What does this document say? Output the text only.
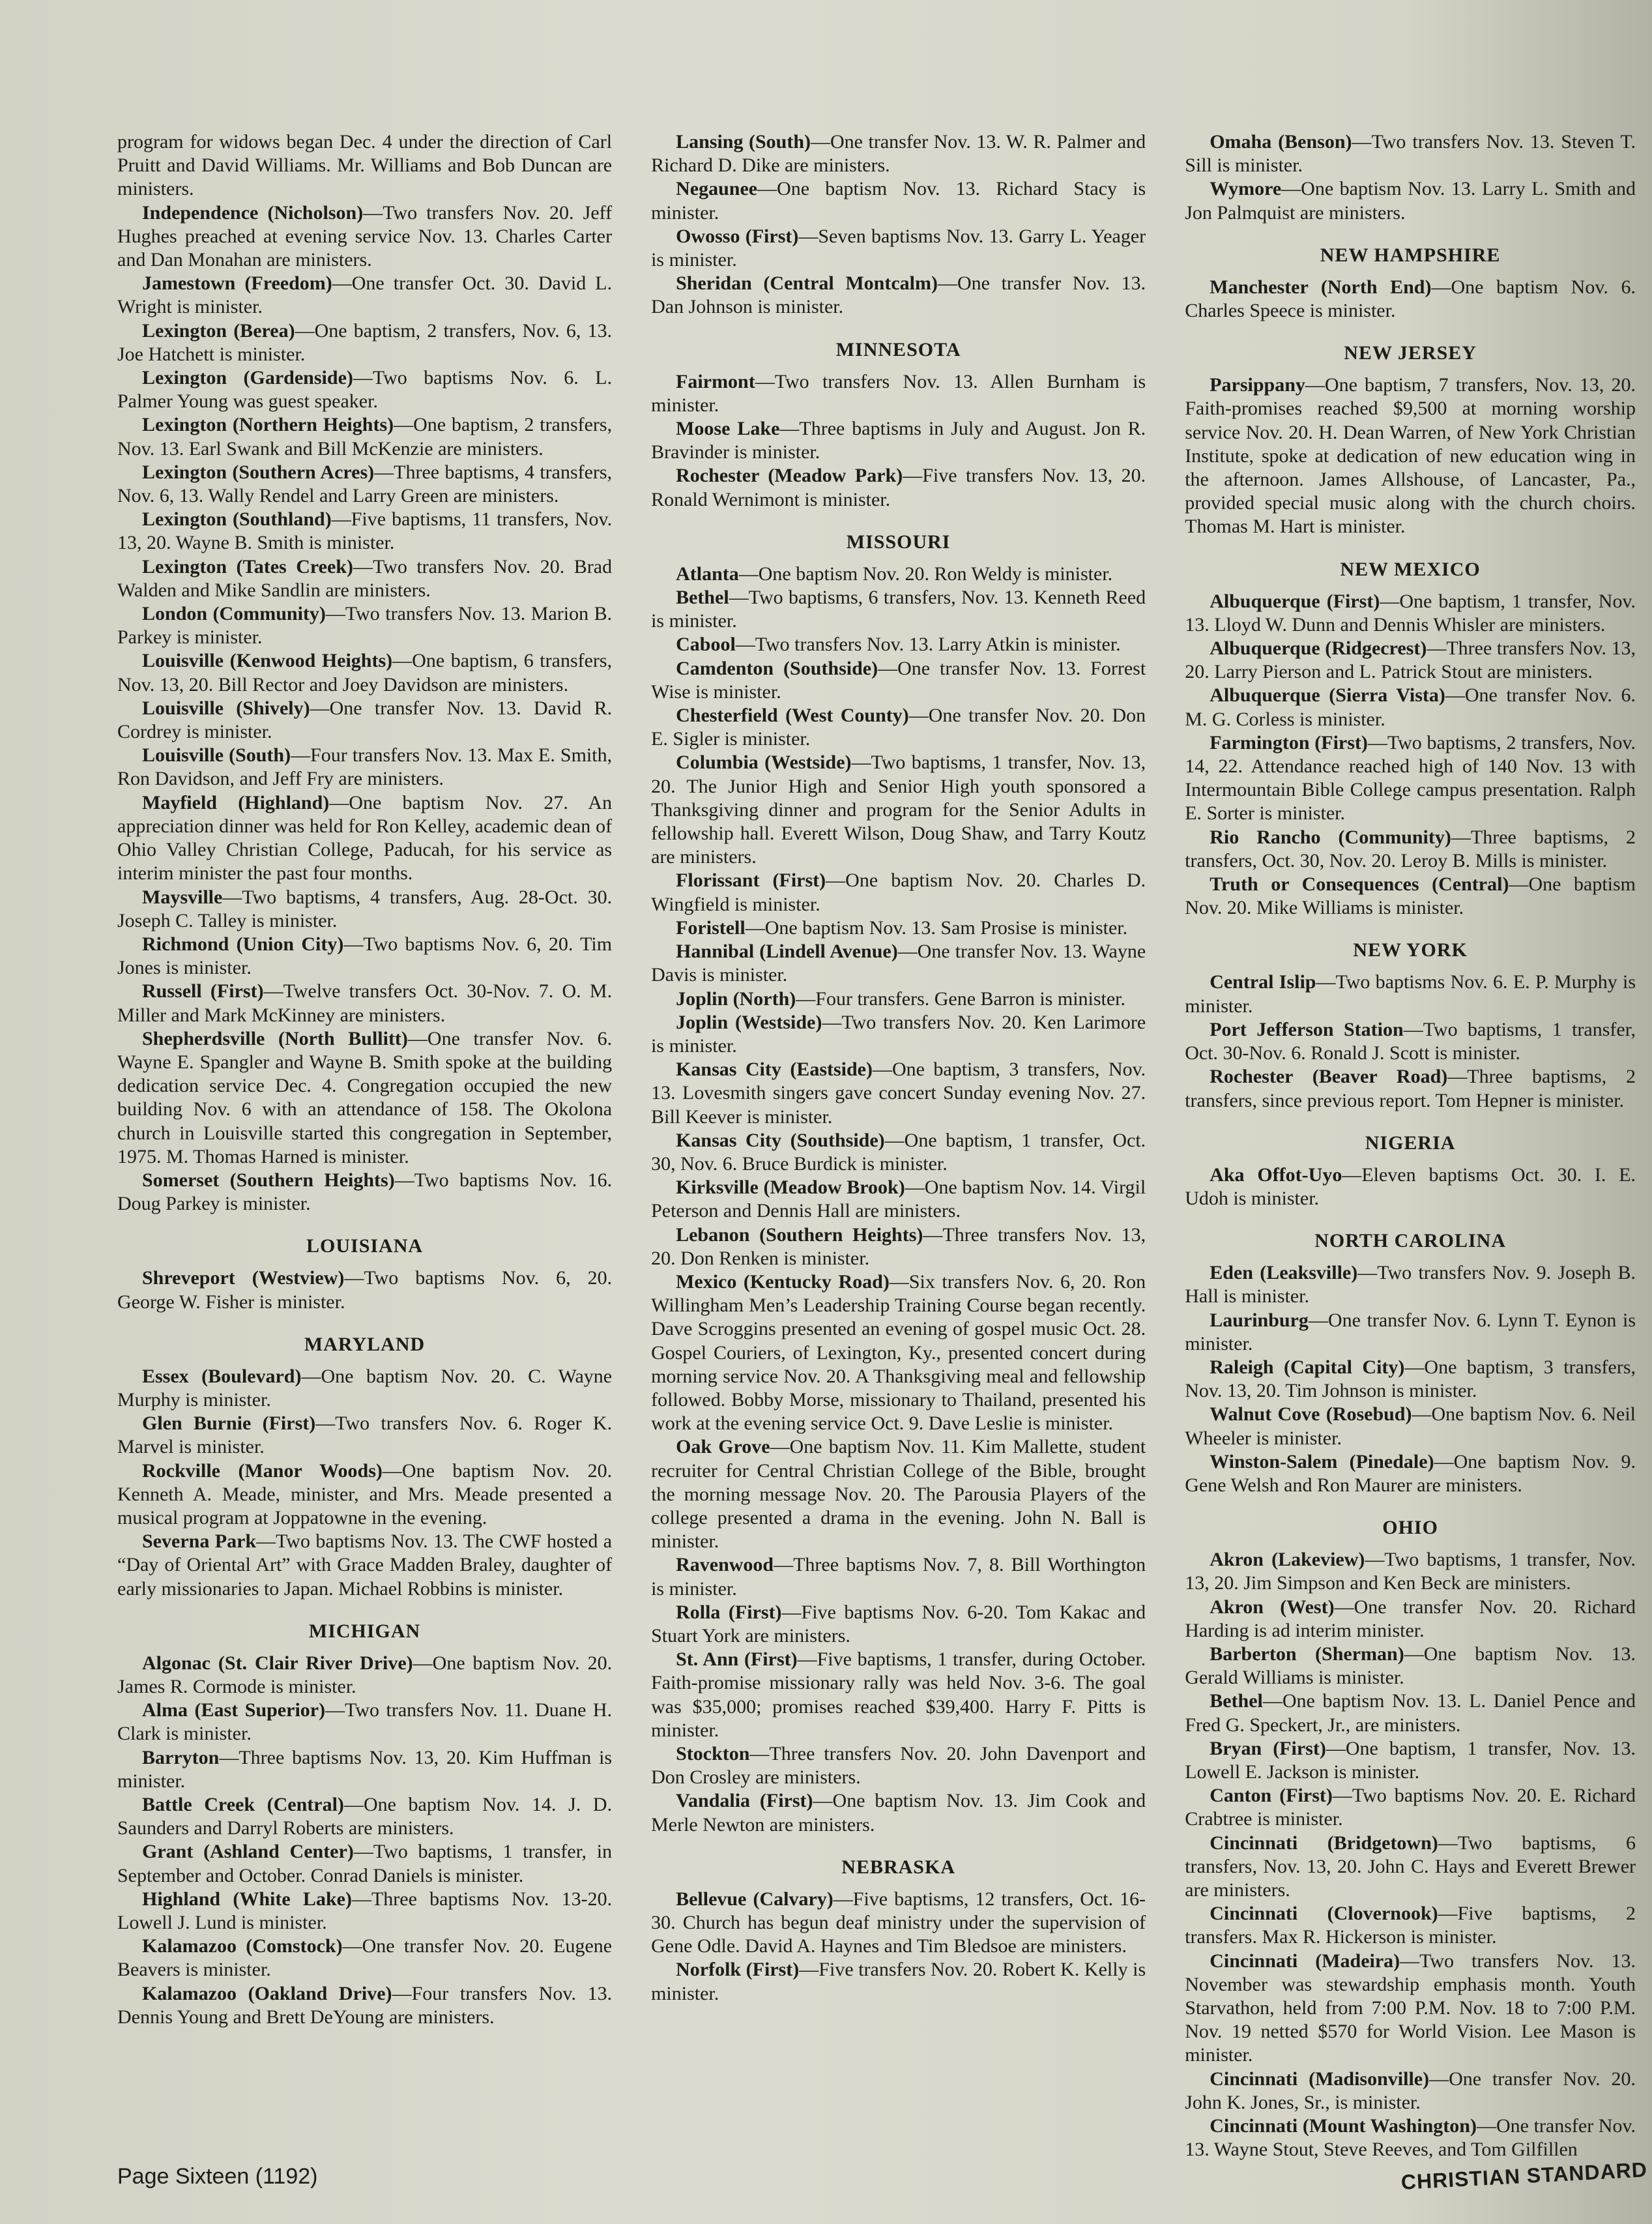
program for widows began Dec. 4 under the direction of Carl Pruitt and David Williams. Mr. Williams and Bob Duncan are ministers.

Independence (Nicholson)—Two transfers Nov. 20. Jeff Hughes preached at evening service Nov. 13. Charles Carter and Dan Monahan are ministers.

Jamestown (Freedom)—One transfer Oct. 30. David L. Wright is minister.

Lexington (Berea)—One baptism, 2 transfers, Nov. 6, 13. Joe Hatchett is minister.

Lexington (Gardenside)—Two baptisms Nov. 6. L. Palmer Young was guest speaker.

Lexington (Northern Heights)—One baptism, 2 transfers, Nov. 13. Earl Swank and Bill McKenzie are ministers.

Lexington (Southern Acres)—Three baptisms, 4 transfers, Nov. 6, 13. Wally Rendel and Larry Green are ministers.

Lexington (Southland)—Five baptisms, 11 transfers, Nov. 13, 20. Wayne B. Smith is minister.

Lexington (Tates Creek)—Two transfers Nov. 20. Brad Walden and Mike Sandlin are ministers.

London (Community)—Two transfers Nov. 13. Marion B. Parkey is minister.

Louisville (Kenwood Heights)—One baptism, 6 transfers, Nov. 13, 20. Bill Rector and Joey Davidson are ministers.

Louisville (Shively)—One transfer Nov. 13. David R. Cordrey is minister.

Louisville (South)—Four transfers Nov. 13. Max E. Smith, Ron Davidson, and Jeff Fry are ministers.

Mayfield (Highland)—One baptism Nov. 27. An appreciation dinner was held for Ron Kelley, academic dean of Ohio Valley Christian College, Paducah, for his service as interim minister the past four months.

Maysville—Two baptisms, 4 transfers, Aug. 28-Oct. 30. Joseph C. Talley is minister.

Richmond (Union City)—Two baptisms Nov. 6, 20. Tim Jones is minister.

Russell (First)—Twelve transfers Oct. 30-Nov. 7. O. M. Miller and Mark McKinney are ministers.

Shepherdsville (North Bullitt)—One transfer Nov. 6. Wayne E. Spangler and Wayne B. Smith spoke at the building dedication service Dec. 4. Congregation occupied the new building Nov. 6 with an attendance of 158. The Okolona church in Louisville started this congregation in September, 1975. M. Thomas Harned is minister.

Somerset (Southern Heights)—Two baptisms Nov. 16. Doug Parkey is minister.

LOUISIANA

Shreveport (Westview)—Two baptisms Nov. 6, 20. George W. Fisher is minister.

MARYLAND

Essex (Boulevard)—One baptism Nov. 20. C. Wayne Murphy is minister.

Glen Burnie (First)—Two transfers Nov. 6. Roger K. Marvel is minister.

Rockville (Manor Woods)—One baptism Nov. 20. Kenneth A. Meade, minister, and Mrs. Meade presented a musical program at Joppatowne in the evening.

Severna Park—Two baptisms Nov. 13. The CWF hosted a “Day of Oriental Art” with Grace Madden Braley, daughter of early missionaries to Japan. Michael Robbins is minister.

MICHIGAN

Algonac (St. Clair River Drive)—One baptism Nov. 20. James R. Cormode is minister.

Alma (East Superior)—Two transfers Nov. 11. Duane H. Clark is minister.

Barryton—Three baptisms Nov. 13, 20. Kim Huffman is minister.

Battle Creek (Central)—One baptism Nov. 14. J. D. Saunders and Darryl Roberts are ministers.

Grant (Ashland Center)—Two baptisms, 1 transfer, in September and October. Conrad Daniels is minister.

Highland (White Lake)—Three baptisms Nov. 13-20. Lowell J. Lund is minister.

Kalamazoo (Comstock)—One transfer Nov. 20. Eugene Beavers is minister.

Kalamazoo (Oakland Drive)—Four transfers Nov. 13. Dennis Young and Brett DeYoung are ministers.

Lansing (South)—One transfer Nov. 13. W. R. Palmer and Richard D. Dike are ministers.

Negaunee—One baptism Nov. 13. Richard Stacy is minister.

Owosso (First)—Seven baptisms Nov. 13. Garry L. Yeager is minister.

Sheridan (Central Montcalm)—One transfer Nov. 13. Dan Johnson is minister.

MINNESOTA

Fairmont—Two transfers Nov. 13. Allen Burnham is minister.

Moose Lake—Three baptisms in July and August. Jon R. Bravinder is minister.

Rochester (Meadow Park)—Five transfers Nov. 13, 20. Ronald Wernimont is minister.

MISSOURI

Atlanta—One baptism Nov. 20. Ron Weldy is minister.

Bethel—Two baptisms, 6 transfers, Nov. 13. Kenneth Reed is minister.

Cabool—Two transfers Nov. 13. Larry Atkin is minister.

Camdenton (Southside)—One transfer Nov. 13. Forrest Wise is minister.

Chesterfield (West County)—One transfer Nov. 20. Don E. Sigler is minister.

Columbia (Westside)—Two baptisms, 1 transfer, Nov. 13, 20. The Junior High and Senior High youth sponsored a Thanksgiving dinner and program for the Senior Adults in fellowship hall. Everett Wilson, Doug Shaw, and Tarry Koutz are ministers.

Florissant (First)—One baptism Nov. 20. Charles D. Wingfield is minister.

Foristell—One baptism Nov. 13. Sam Prosise is minister.

Hannibal (Lindell Avenue)—One transfer Nov. 13. Wayne Davis is minister.

Joplin (North)—Four transfers. Gene Barron is minister.

Joplin (Westside)—Two transfers Nov. 20. Ken Larimore is minister.

Kansas City (Eastside)—One baptism, 3 transfers, Nov. 13. Lovesmith singers gave concert Sunday evening Nov. 27. Bill Keever is minister.

Kansas City (Southside)—One baptism, 1 transfer, Oct. 30, Nov. 6. Bruce Burdick is minister.

Kirksville (Meadow Brook)—One baptism Nov. 14. Virgil Peterson and Dennis Hall are ministers.

Lebanon (Southern Heights)—Three transfers Nov. 13, 20. Don Renken is minister.

Mexico (Kentucky Road)—Six transfers Nov. 6, 20. Ron Willingham Men’s Leadership Training Course began recently. Dave Scroggins presented an evening of gospel music Oct. 28. Gospel Couriers, of Lexington, Ky., presented concert during morning service Nov. 20. A Thanksgiving meal and fellowship followed. Bobby Morse, missionary to Thailand, presented his work at the evening service Oct. 9. Dave Leslie is minister.

Oak Grove—One baptism Nov. 11. Kim Mallette, student recruiter for Central Christian College of the Bible, brought the morning message Nov. 20. The Parousia Players of the college presented a drama in the evening. John N. Ball is minister.

Ravenwood—Three baptisms Nov. 7, 8. Bill Worthington is minister.

Rolla (First)—Five baptisms Nov. 6-20. Tom Kakac and Stuart York are ministers.

St. Ann (First)—Five baptisms, 1 transfer, during October. Faith-promise missionary rally was held Nov. 3-6. The goal was $35,000; promises reached $39,400. Harry F. Pitts is minister.

Stockton—Three transfers Nov. 20. John Davenport and Don Crosley are ministers.

Vandalia (First)—One baptism Nov. 13. Jim Cook and Merle Newton are ministers.

NEBRASKA

Bellevue (Calvary)—Five baptisms, 12 transfers, Oct. 16-30. Church has begun deaf ministry under the supervision of Gene Odle. David A. Haynes and Tim Bledsoe are ministers.

Norfolk (First)—Five transfers Nov. 20. Robert K. Kelly is minister.

Omaha (Benson)—Two transfers Nov. 13. Steven T. Sill is minister.

Wymore—One baptism Nov. 13. Larry L. Smith and Jon Palmquist are ministers.

NEW HAMPSHIRE

Manchester (North End)—One baptism Nov. 6. Charles Speece is minister.

NEW JERSEY

Parsippany—One baptism, 7 transfers, Nov. 13, 20. Faith-promises reached $9,500 at morning worship service Nov. 20. H. Dean Warren, of New York Christian Institute, spoke at dedication of new education wing in the afternoon. James Allshouse, of Lancaster, Pa., provided special music along with the church choirs. Thomas M. Hart is minister.

NEW MEXICO

Albuquerque (First)—One baptism, 1 transfer, Nov. 13. Lloyd W. Dunn and Dennis Whisler are ministers.

Albuquerque (Ridgecrest)—Three transfers Nov. 13, 20. Larry Pierson and L. Patrick Stout are ministers.

Albuquerque (Sierra Vista)—One transfer Nov. 6. M. G. Corless is minister.

Farmington (First)—Two baptisms, 2 transfers, Nov. 14, 22. Attendance reached high of 140 Nov. 13 with Intermountain Bible College campus presentation. Ralph E. Sorter is minister.

Rio Rancho (Community)—Three baptisms, 2 transfers, Oct. 30, Nov. 20. Leroy B. Mills is minister.

Truth or Consequences (Central)—One baptism Nov. 20. Mike Williams is minister.

NEW YORK

Central Islip—Two baptisms Nov. 6. E. P. Murphy is minister.

Port Jefferson Station—Two baptisms, 1 transfer, Oct. 30-Nov. 6. Ronald J. Scott is minister.

Rochester (Beaver Road)—Three baptisms, 2 transfers, since previous report. Tom Hepner is minister.

NIGERIA

Aka Offot-Uyo—Eleven baptisms Oct. 30. I. E. Udoh is minister.

NORTH CAROLINA

Eden (Leaksville)—Two transfers Nov. 9. Joseph B. Hall is minister.

Laurinburg—One transfer Nov. 6. Lynn T. Eynon is minister.

Raleigh (Capital City)—One baptism, 3 transfers, Nov. 13, 20. Tim Johnson is minister.

Walnut Cove (Rosebud)—One baptism Nov. 6. Neil Wheeler is minister.

Winston-Salem (Pinedale)—One baptism Nov. 9. Gene Welsh and Ron Maurer are ministers.

OHIO

Akron (Lakeview)—Two baptisms, 1 transfer, Nov. 13, 20. Jim Simpson and Ken Beck are ministers.

Akron (West)—One transfer Nov. 20. Richard Harding is ad interim minister.

Barberton (Sherman)—One baptism Nov. 13. Gerald Williams is minister.

Bethel—One baptism Nov. 13. L. Daniel Pence and Fred G. Speckert, Jr., are ministers.

Bryan (First)—One baptism, 1 transfer, Nov. 13. Lowell E. Jackson is minister.

Canton (First)—Two baptisms Nov. 20. E. Richard Crabtree is minister.

Cincinnati (Bridgetown)—Two baptisms, 6 transfers, Nov. 13, 20. John C. Hays and Everett Brewer are ministers.

Cincinnati (Clovernook)—Five baptisms, 2 transfers. Max R. Hickerson is minister.

Cincinnati (Madeira)—Two transfers Nov. 13. November was stewardship emphasis month. Youth Starvathon, held from 7:00 P.M. Nov. 18 to 7:00 P.M. Nov. 19 netted $570 for World Vision. Lee Mason is minister.

Cincinnati (Madisonville)—One transfer Nov. 20. John K. Jones, Sr., is minister.

Cincinnati (Mount Washington)—One transfer Nov. 13. Wayne Stout, Steve Reeves, and Tom Gilfillen

Page Sixteen (1192)	CHRISTIAN STANDARD
